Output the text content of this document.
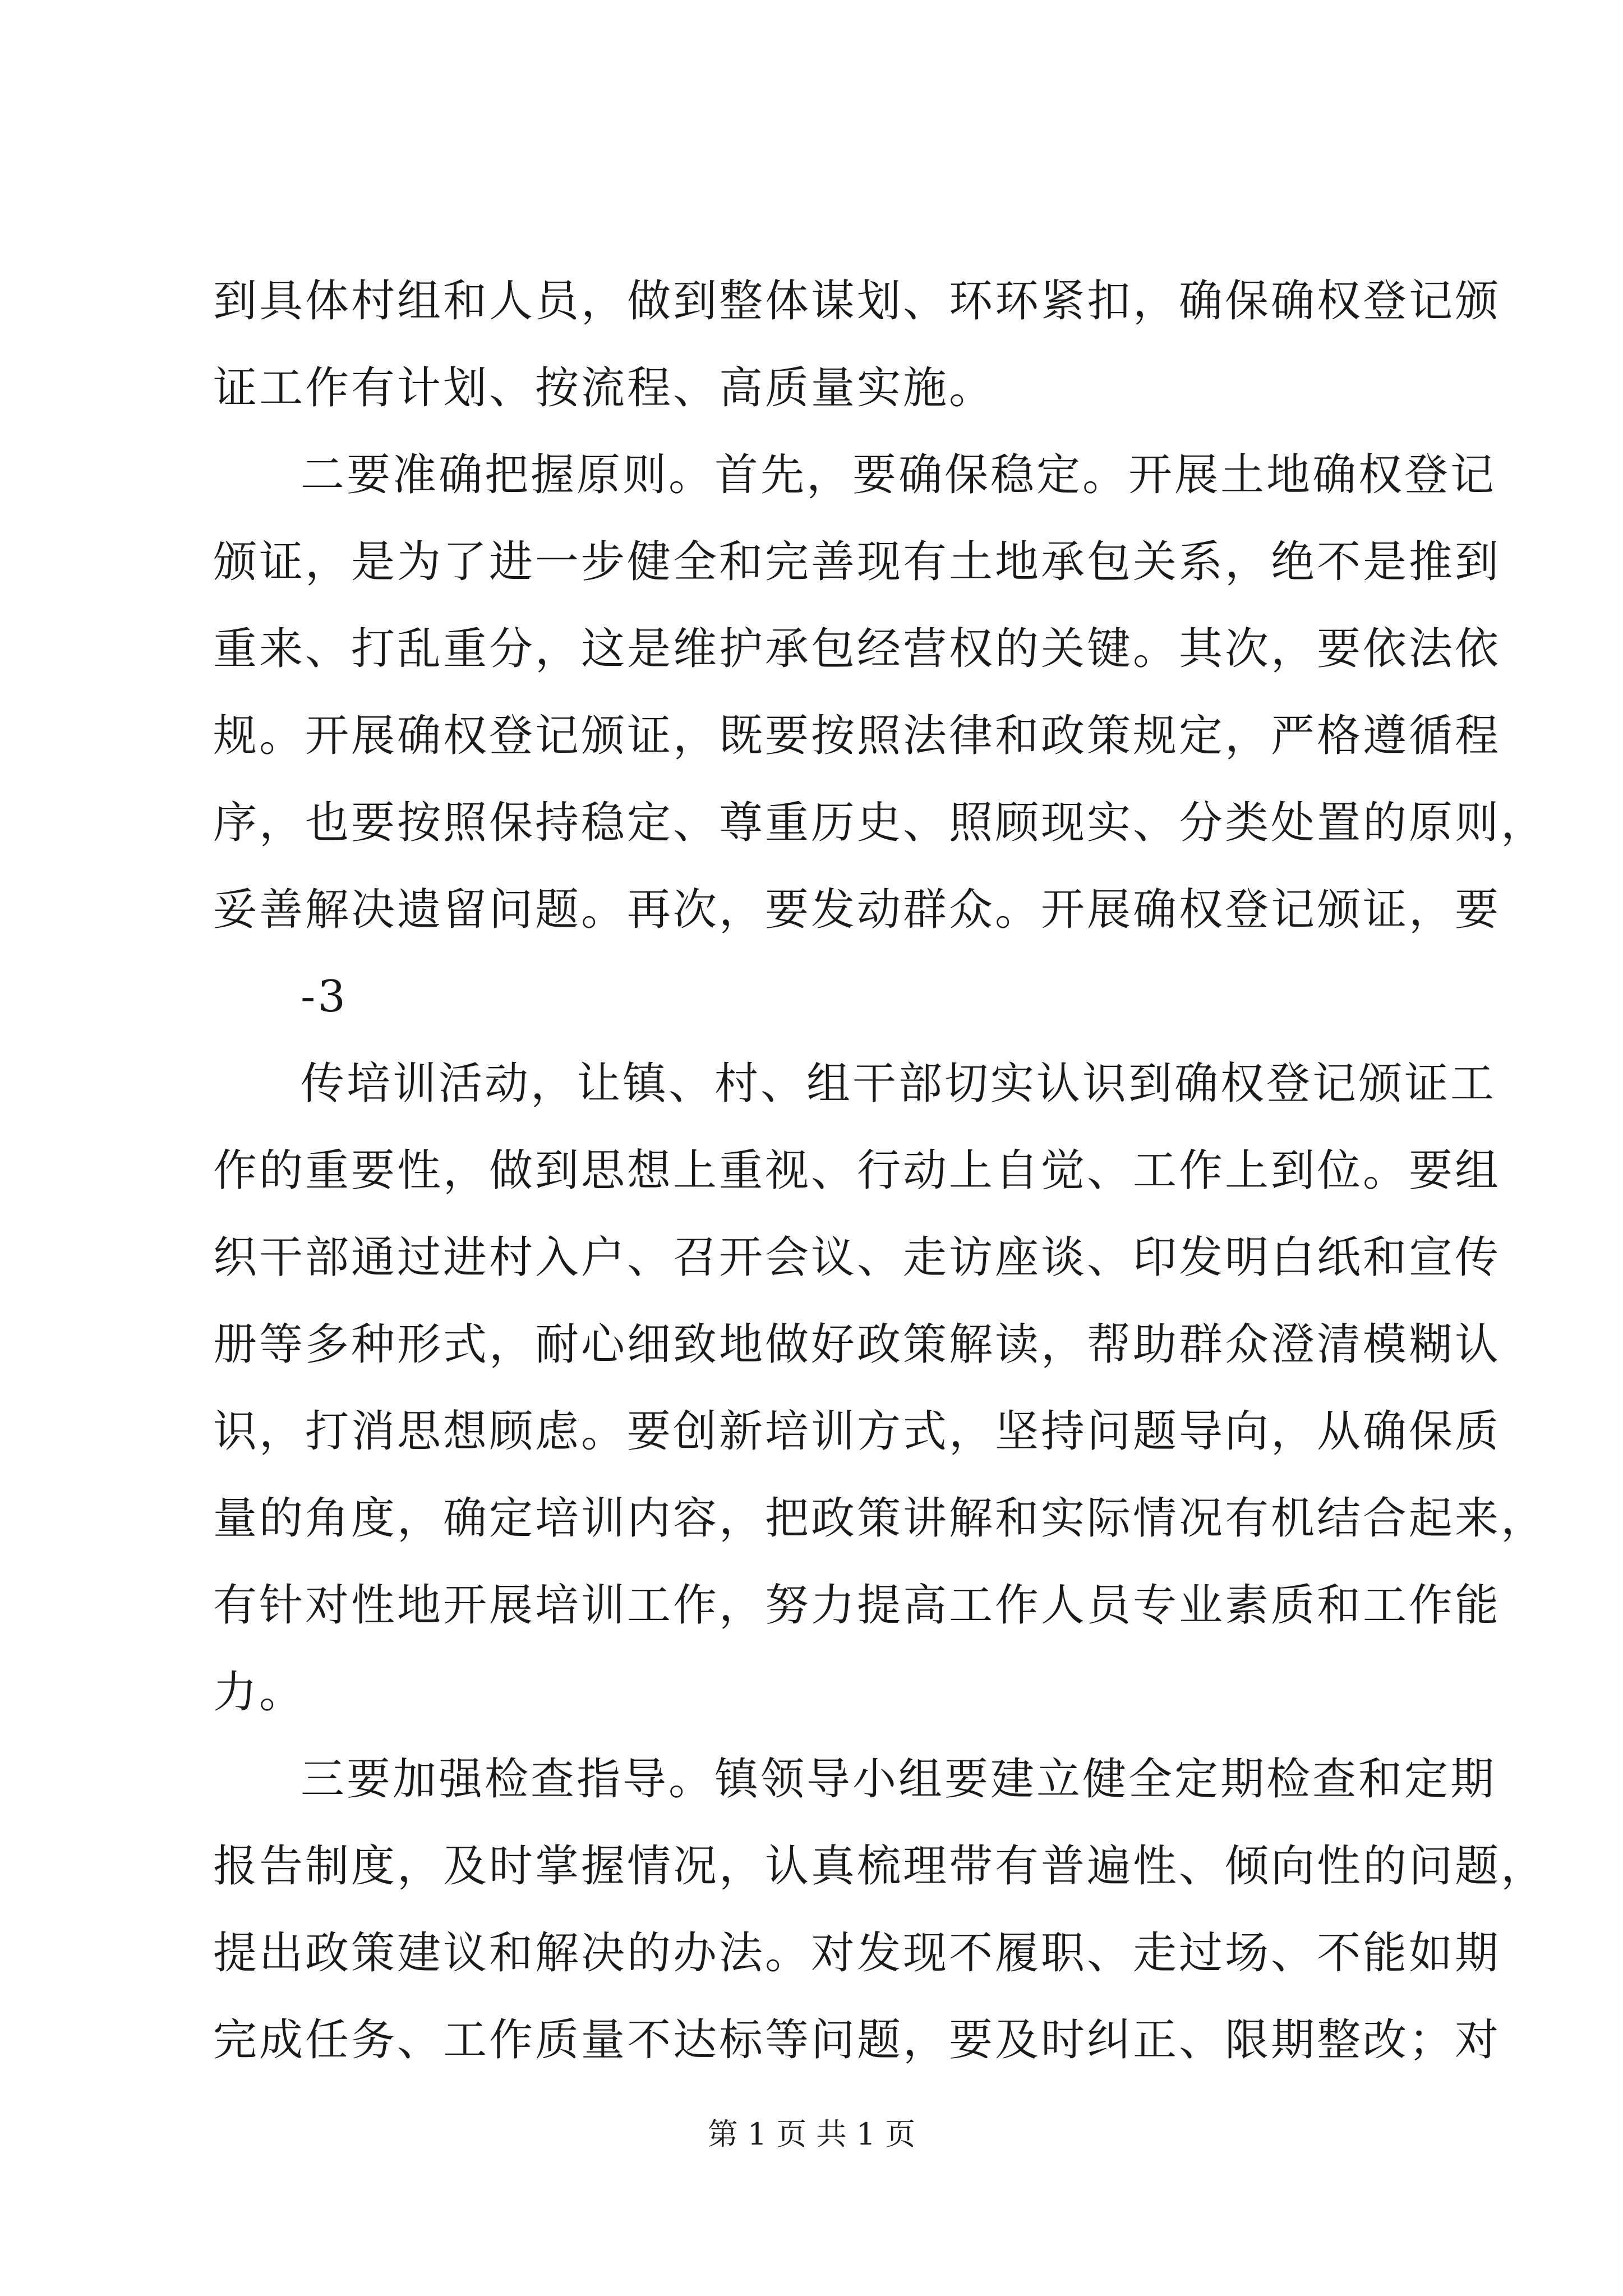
到具体村组和人员，做到整体谋划、环环紧扣，确保确权登记颁

证工作有计划、按流程、高质量实施。

二要准确把握原则。首先，要确保稳定。开展土地确权登记

颁证，是为了进一步健全和完善现有土地承包关系，绝不是推到

重来、打乱重分，这是维护承包经营权的关键。其次，要依法依

规。开展确权登记颁证，既要按照法律和政策规定，严格遵循程

序，也要按照保持稳定、尊重历史、照顾现实、分类处置的原则，

妥善解决遗留问题。再次，要发动群众。开展确权登记颁证，要

-3

传培训活动，让镇、村、组干部切实认识到确权登记颁证工

作的重要性，做到思想上重视、行动上自觉、工作上到位。要组

织干部通过进村入户、召开会议、走访座谈、印发明白纸和宣传

册等多种形式，耐心细致地做好政策解读，帮助群众澄清模糊认

识，打消思想顾虑。要创新培训方式，坚持问题导向，从确保质

量的角度，确定培训内容，把政策讲解和实际情况有机结合起来，

有针对性地开展培训工作，努力提高工作人员专业素质和工作能

力。

三要加强检查指导。镇领导小组要建立健全定期检查和定期

报告制度，及时掌握情况，认真梳理带有普遍性、倾向性的问题，

提出政策建议和解决的办法。对发现不履职、走过场、不能如期

完成任务、工作质量不达标等问题，要及时纠正、限期整改；对

第 1 页 共 1 页
